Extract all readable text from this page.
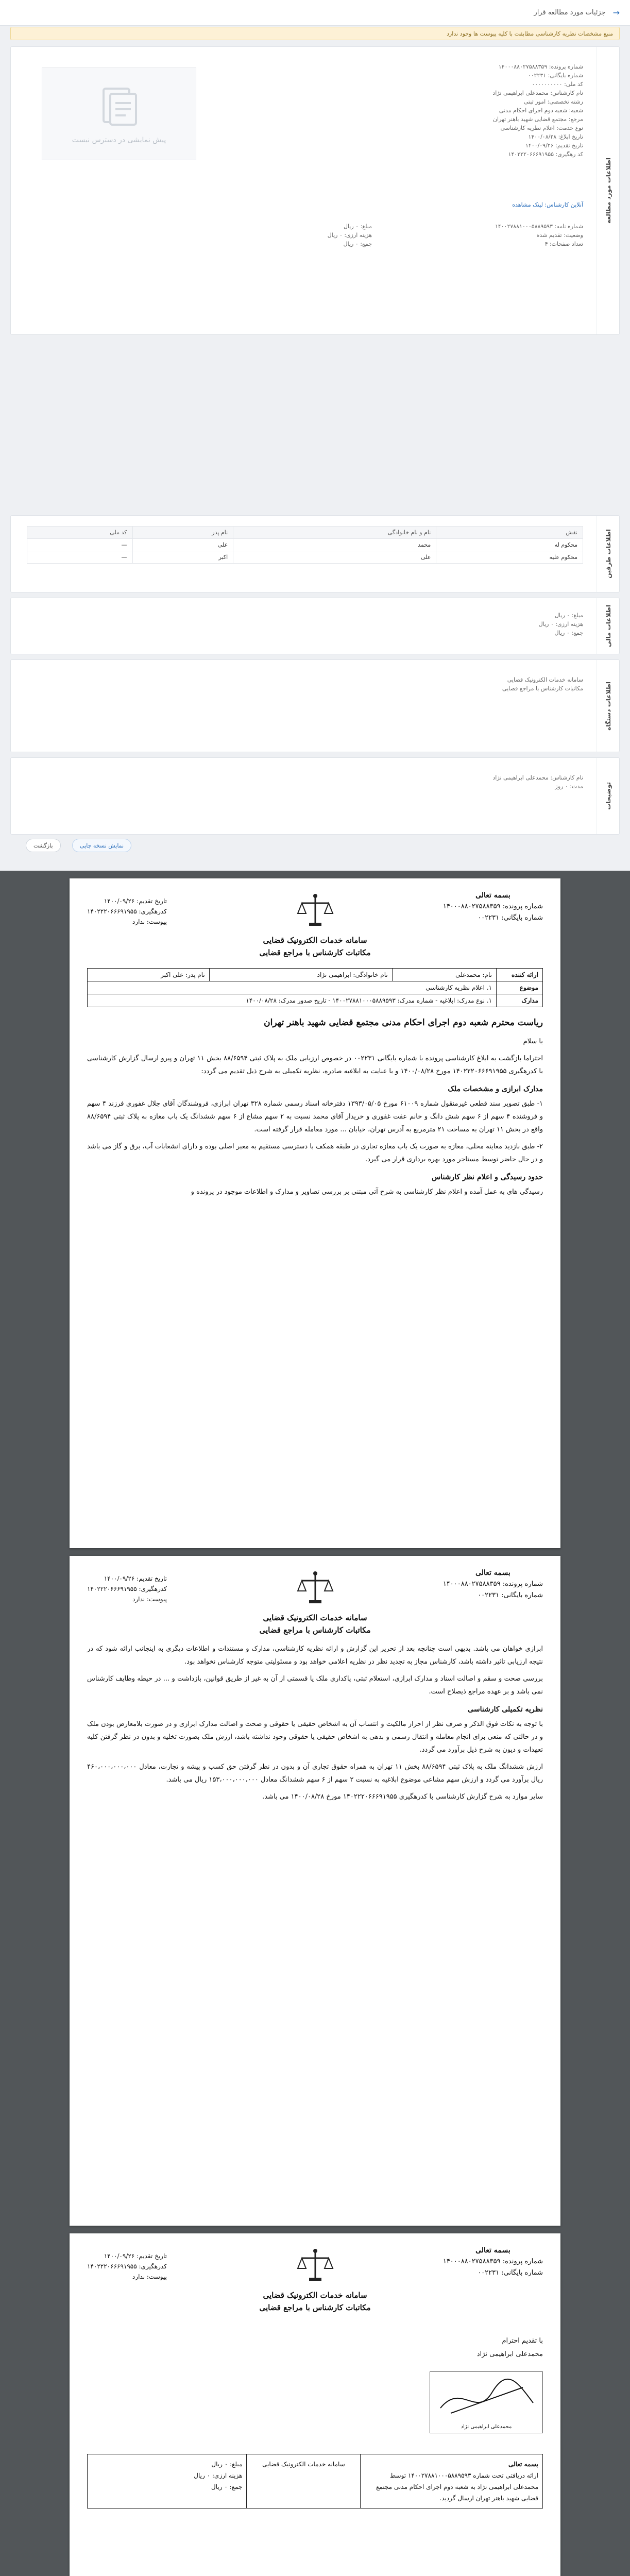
→
جزئیات مورد مطالعه قرار
منبع مشخصات نظریه کارشناسی مطابقت با کلیه پیوست ها وجود ندارد
اطلاعات مورد مطالعه
شماره پرونده: ۱۴۰۰۰۸۸۰۲۷۵۸۸۳۵۹
شماره بایگانی: ۰۰۲۲۳۱
کد ملی: ۰۰۰۰۰۰۰۰۰۰
نام کارشناس: محمدعلی ابراهیمی نژاد
رشته تخصصی: امور ثبتی
شعبه: شعبه دوم اجرای احکام مدنی
مرجع: مجتمع قضایی شهید باهنر تهران
نوع خدمت: اعلام نظریه کارشناسی
تاریخ ابلاغ: ۱۴۰۰/۰۸/۲۸
تاریخ تقدیم: ۱۴۰۰/۰۹/۲۶
کد رهگیری: ۱۴۰۲۲۲۰۶۶۶۹۱۹۵۵
آنلاین کارشناس: لینک مشاهده
شماره نامه: ۱۴۰۰۲۷۸۸۱۰۰۰۵۸۸۹۵۹۳
وضعیت: تقدیم شده
تعداد صفحات: ۴
مبلغ: ۰ ریال
هزینه ارزی: ۰ ریال
جمع: ۰ ریال
پیش نمایشی در دسترس نیست
اطلاعات طرفین
نقش	نام و نام خانوادگی	نام پدر	کد ملی
محکوم له	محمد	علی	—
محکوم علیه	علی	اکبر	—
اطلاعات مالی
مبلغ: ۰ ریال
هزینه ارزی: ۰ ریال
جمع: ۰ ریال
اطلاعات دستگاه
سامانه خدمات الکترونیک قضایی
مکاتبات کارشناس با مراجع قضایی
توضیحات
نام کارشناس: محمدعلی ابراهیمی نژاد
مدت: ۰ روز
بازگشت	نمایش نسخه چاپی
بسمه تعالی
شماره پرونده: ۱۴۰۰۰۸۸۰۲۷۵۸۸۳۵۹
شماره بایگانی: ۰۰۲۲۳۱
تاریخ تقدیم: ۱۴۰۰/۰۹/۲۶
کدرهگیری: ۱۴۰۲۲۲۰۶۶۶۹۱۹۵۵
پیوست: ندارد
سامانه خدمات الکترونیک قضایی
مکاتبات کارشناس با مراجع قضایی
ارائه کننده	نام: محمدعلی	نام خانوادگی: ابراهیمی نژاد	نام پدر: علی اکبر
موضوع	۱. اعلام نظریه کارشناسی		
مدارک	۱. نوع مدرک: ابلاغیه - شماره مدرک: ۱۴۰۰۲۷۸۸۱۰۰۰۵۸۸۹۵۹۳ - تاریخ صدور مدرک: ۱۴۰۰/۰۸/۲۸		
ریاست محترم شعبه دوم اجرای احکام مدنی مجتمع قضایی شهید باهنر تهران
با سلام
احتراما بازگشت به ابلاغ کارشناسی پرونده با شماره بایگانی ۰۰۲۲۳۱ در خصوص ارزیابی ملک به پلاک ثبتی ۸۸/۶۵۹۴ بخش ۱۱ تهران و پیرو ارسال گزارش کارشناسی با کدرهگیری ۱۴۰۲۲۲۰۶۶۶۹۱۹۵۵ مورخ ۱۴۰۰/۰۸/۲۸ و با عنایت به ابلاغیه صادره، نظریه تکمیلی به شرح ذیل تقدیم می گردد:
مدارک ابرازی و مشخصات ملک
۱- طبق تصویر سند قطعی غیرمنقول شماره ۶۱۰۰۹ مورخ ۱۳۹۳/۰۵/۰۵ دفترخانه اسناد رسمی شماره ۳۲۸ تهران ابرازی، فروشندگان آقای جلال غفوری فرزند ۴ سهم و فروشنده ۴ سهم از ۶ سهم شش دانگ و خانم عفت غفوری و خریدار آقای محمد نسبت به ۲ سهم مشاع از ۶ سهم ششدانگ یک باب مغازه به پلاک ثبتی ۸۸/۶۵۹۴ واقع در بخش ۱۱ تهران به مساحت ۲۱ مترمربع به آدرس تهران، خیابان ... مورد معامله قرار گرفته است.
۲- طبق بازدید معاینه محلی، مغازه به صورت یک باب مغازه تجاری در طبقه همکف با دسترسی مستقیم به معبر اصلی بوده و دارای انشعابات آب، برق و گاز می باشد و در حال حاضر توسط مستاجر مورد بهره برداری قرار می گیرد.
حدود رسیدگی و اعلام نظر کارشناس
رسیدگی های به عمل آمده و اعلام نظر کارشناسی به شرح آتی مبتنی بر بررسی تصاویر و مدارک و اطلاعات موجود در پرونده و
بسمه تعالی
شماره پرونده: ۱۴۰۰۰۸۸۰۲۷۵۸۸۳۵۹
شماره بایگانی: ۰۰۲۲۳۱
تاریخ تقدیم: ۱۴۰۰/۰۹/۲۶
کدرهگیری: ۱۴۰۲۲۲۰۶۶۶۹۱۹۵۵
پیوست: ندارد
سامانه خدمات الکترونیک قضایی
مکاتبات کارشناس با مراجع قضایی
ابرازی خواهان می باشد. بدیهی است چنانچه بعد از تحریر این گزارش و ارائه نظریه کارشناسی، مدارک و مستندات و اطلاعات دیگری به اینجانب ارائه شود که در نتیجه ارزیابی تاثیر داشته باشد، کارشناس مجاز به تجدید نظر در نظریه اعلامی خواهد بود و مسئولیتی متوجه کارشناس نخواهد بود.
بررسی صحت و سقم و اصالت اسناد و مدارک ابرازی، استعلام ثبتی، پاکداری ملک یا قسمتی از آن به غیر از طریق قوانین، بازداشت و ... در حیطه وظایف کارشناس نمی باشد و بر عهده مراجع ذیصلاح است.
نظریه تکمیلی کارشناسی
با توجه به نکات فوق الذکر و صرف نظر از احراز مالکیت و انتساب آن به اشخاص حقیقی یا حقوقی و صحت و اصالت مدارک ابرازی و در صورت بلامعارض بودن ملک و در حالتی که منعی برای انجام معامله و انتقال رسمی و بدهی به اشخاص حقیقی یا حقوقی وجود نداشته باشد، ارزش ملک بصورت تخلیه و بدون در نظر گرفتن کلیه تعهدات و دیون به شرح ذیل برآورد می گردد.
ارزش ششدانگ ملک به پلاک ثبتی ۸۸/۶۵۹۴ بخش ۱۱ تهران به همراه حقوق تجاری آن و بدون در نظر گرفتن حق کسب و پیشه و تجارت، معادل ۴۶۰،۰۰۰،۰۰۰،۰۰۰ ریال برآورد می گردد و ارزش سهم مشاعی موضوع ابلاغیه به نسبت ۲ سهم از ۶ سهم ششدانگ معادل ۱۵۳،۰۰۰،۰۰۰،۰۰۰ ریال می باشد.
سایر موارد به شرح گزارش کارشناسی با کدرهگیری ۱۴۰۲۲۲۰۶۶۶۹۱۹۵۵ مورخ ۱۴۰۰/۰۸/۲۸ می باشد.
بسمه تعالی
شماره پرونده: ۱۴۰۰۰۸۸۰۲۷۵۸۸۳۵۹
شماره بایگانی: ۰۰۲۲۳۱
تاریخ تقدیم: ۱۴۰۰/۰۹/۲۶
کدرهگیری: ۱۴۰۲۲۲۰۶۶۶۹۱۹۵۵
پیوست: ندارد
سامانه خدمات الکترونیک قضایی
مکاتبات کارشناس با مراجع قضایی
با تقدیم احترام
محمدعلی ابراهیمی نژاد
محمدعلی ابراهیمی نژاد
بسمه تعالی
ارائه دریافتی تحت شماره ۱۴۰۰۲۷۸۸۱۰۰۰۵۸۸۹۵۹۳ توسط محمدعلی ابراهیمی نژاد به شعبه دوم اجرای احکام مدنی مجتمع قضایی شهید باهنر تهران ارسال گردید.

سامانه خدمات الکترونیک قضایی

مبلغ: ۰ ریال
هزینه ارزی: ۰ ریال
جمع: ۰ ریال
